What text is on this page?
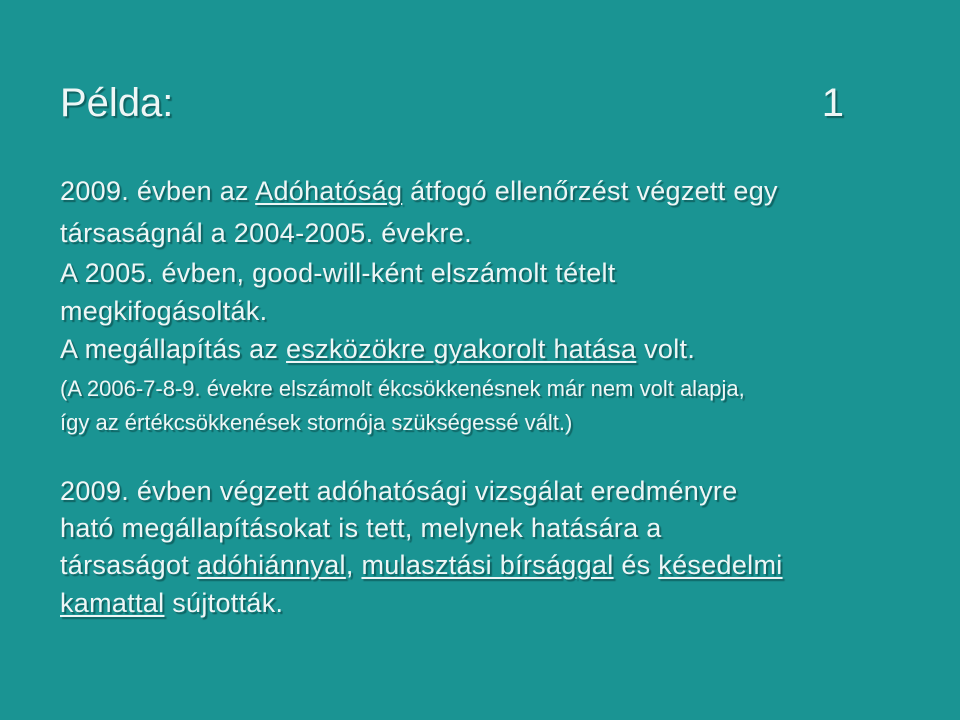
Példa:	1
2009. évben az Adóhatóság átfogó ellenőrzést végzett egy
társaságnál a 2004-2005. évekre.
A 2005. évben, good-will-ként elszámolt tételt
megkifogásolták.
A megállapítás az eszközökre gyakorolt hatása volt.
(A 2006-7-8-9. évekre elszámolt ékcsökkenésnek már nem volt alapja,
így az értékcsökkenések stornója szükségessé vált.)
2009. évben végzett adóhatósági vizsgálat eredményre
ható megállapításokat is tett, melynek hatására a
társaságot adóhiánnyal, mulasztási bírsággal és késedelmi
kamattal sújtották.
